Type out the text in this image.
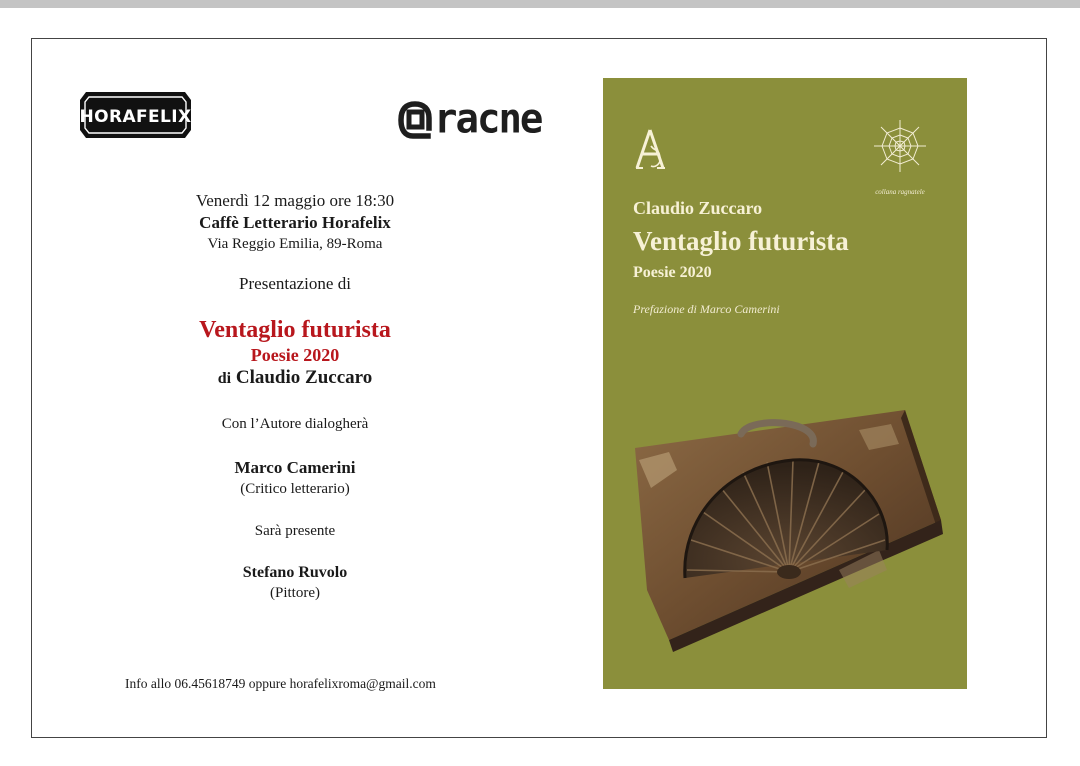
HORAFELIX	racne
Venerdì 12 maggio ore 18:30
Caffè Letterario Horafelix
Via Reggio Emilia, 89-Roma
Presentazione di
Ventaglio futurista
Poesie 2020
di Claudio Zuccaro
Con l’Autore dialogherà
Marco Camerini
(Critico letterario)
Sarà presente
Stefano Ruvolo
(Pittore)
Info allo 06.45618749 oppure horafelixroma@gmail.com
collana ragnatele
Claudio Zuccaro
Ventaglio futurista
Poesie 2020
Prefazione di Marco Camerini
